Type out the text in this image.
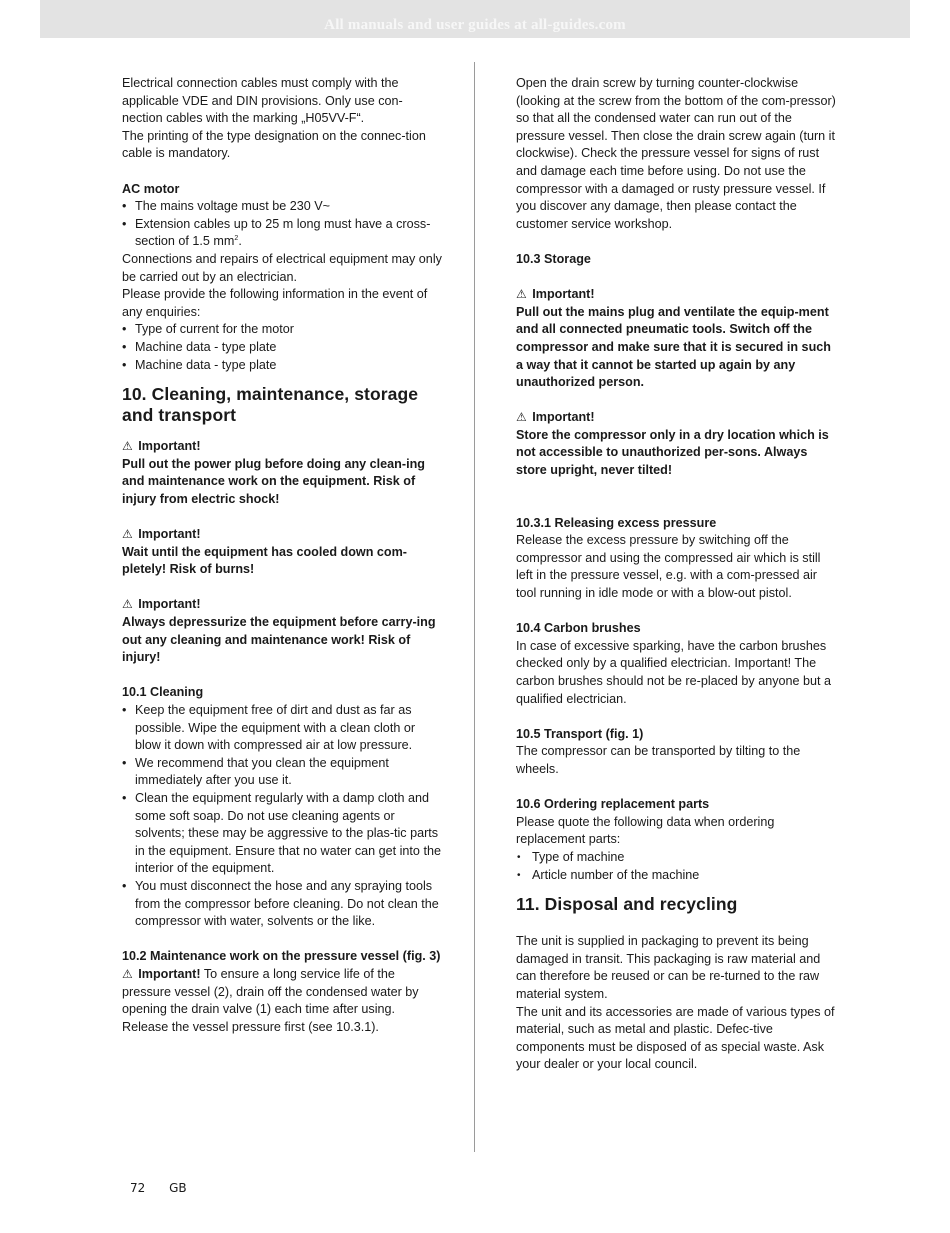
All manuals and user guides at all-guides.com

Electrical connection cables must comply with the applicable VDE and DIN provisions. Only use con-nection cables with the marking „H05VV-F“.

The printing of the type designation on the connec-tion cable is mandatory.

AC motor

• The mains voltage must be 230 V~
• Extension cables up to 25 m long must have a cross-section of 1.5 $mm^2$.

Connections and repairs of electrical equipment may only be carried out by an electrician.

Please provide the following information in the event of any enquiries:

• Type of current for the motor
• Machine data - type plate
• Machine data - type plate
10. Cleaning, maintenance, storage and transport

⚠ Important!

Pull out the power plug before doing any clean-ing and maintenance work on the equipment. Risk of injury from electric shock!

⚠ Important!

Wait until the equipment has cooled down com-pletely! Risk of burns!

⚠ Important!

Always depressurize the equipment before carry-ing out any cleaning and maintenance work! Risk of injury!

10.1 Cleaning

• Keep the equipment free of dirt and dust as far as possible. Wipe the equipment with a clean cloth or blow it down with compressed air at low pressure.
• We recommend that you clean the equipment immediately after you use it.
• Clean the equipment regularly with a damp cloth and some soft soap. Do not use cleaning agents or solvents; these may be aggressive to the plas-tic parts in the equipment. Ensure that no water can get into the interior of the equipment.
• You must disconnect the hose and any spraying tools from the compressor before cleaning. Do not clean the compressor with water, solvents or the like.

10.2 Maintenance work on the pressure vessel (fig. 3)

⚠ Important! To ensure a long service life of the pressure vessel (2), drain off the condensed water by opening the drain valve (1) each time after using. Release the vessel pressure first (see 10.3.1).

Open the drain screw by turning counter-clockwise (looking at the screw from the bottom of the com-pressor) so that all the condensed water can run out of the pressure vessel. Then close the drain screw again (turn it clockwise). Check the pressure vessel for signs of rust and damage each time before using. Do not use the compressor with a damaged or rusty pressure vessel. If you discover any damage, then please contact the customer service workshop.

10.3 Storage

⚠ Important!

Pull out the mains plug and ventilate the equip-ment and all connected pneumatic tools. Switch off the compressor and make sure that it is secured in such a way that it cannot be started up again by any unauthorized person.

⚠ Important!

Store the compressor only in a dry location which is not accessible to unauthorized per-sons. Always store upright, never tilted!

10.3.1 Releasing excess pressure

Release the excess pressure by switching off the compressor and using the compressed air which is still left in the pressure vessel, e.g. with a com-pressed air tool running in idle mode or with a blow-out pistol.

10.4 Carbon brushes

In case of excessive sparking, have the carbon brushes checked only by a qualified electrician. Important! The carbon brushes should not be re-placed by anyone but a qualified electrician.

10.5 Transport (fig. 1)

The compressor can be transported by tilting to the wheels.

10.6 Ordering replacement parts

Please quote the following data when ordering replacement parts:

• Type of machine
• Article number of the machine
11. Disposal and recycling

The unit is supplied in packaging to prevent its being damaged in transit. This packaging is raw material and can therefore be reused or can be re-turned to the raw material system.

The unit and its accessories are made of various types of material, such as metal and plastic. Defec-tive components must be disposed of as special waste. Ask your dealer or your local council.

72 GB
